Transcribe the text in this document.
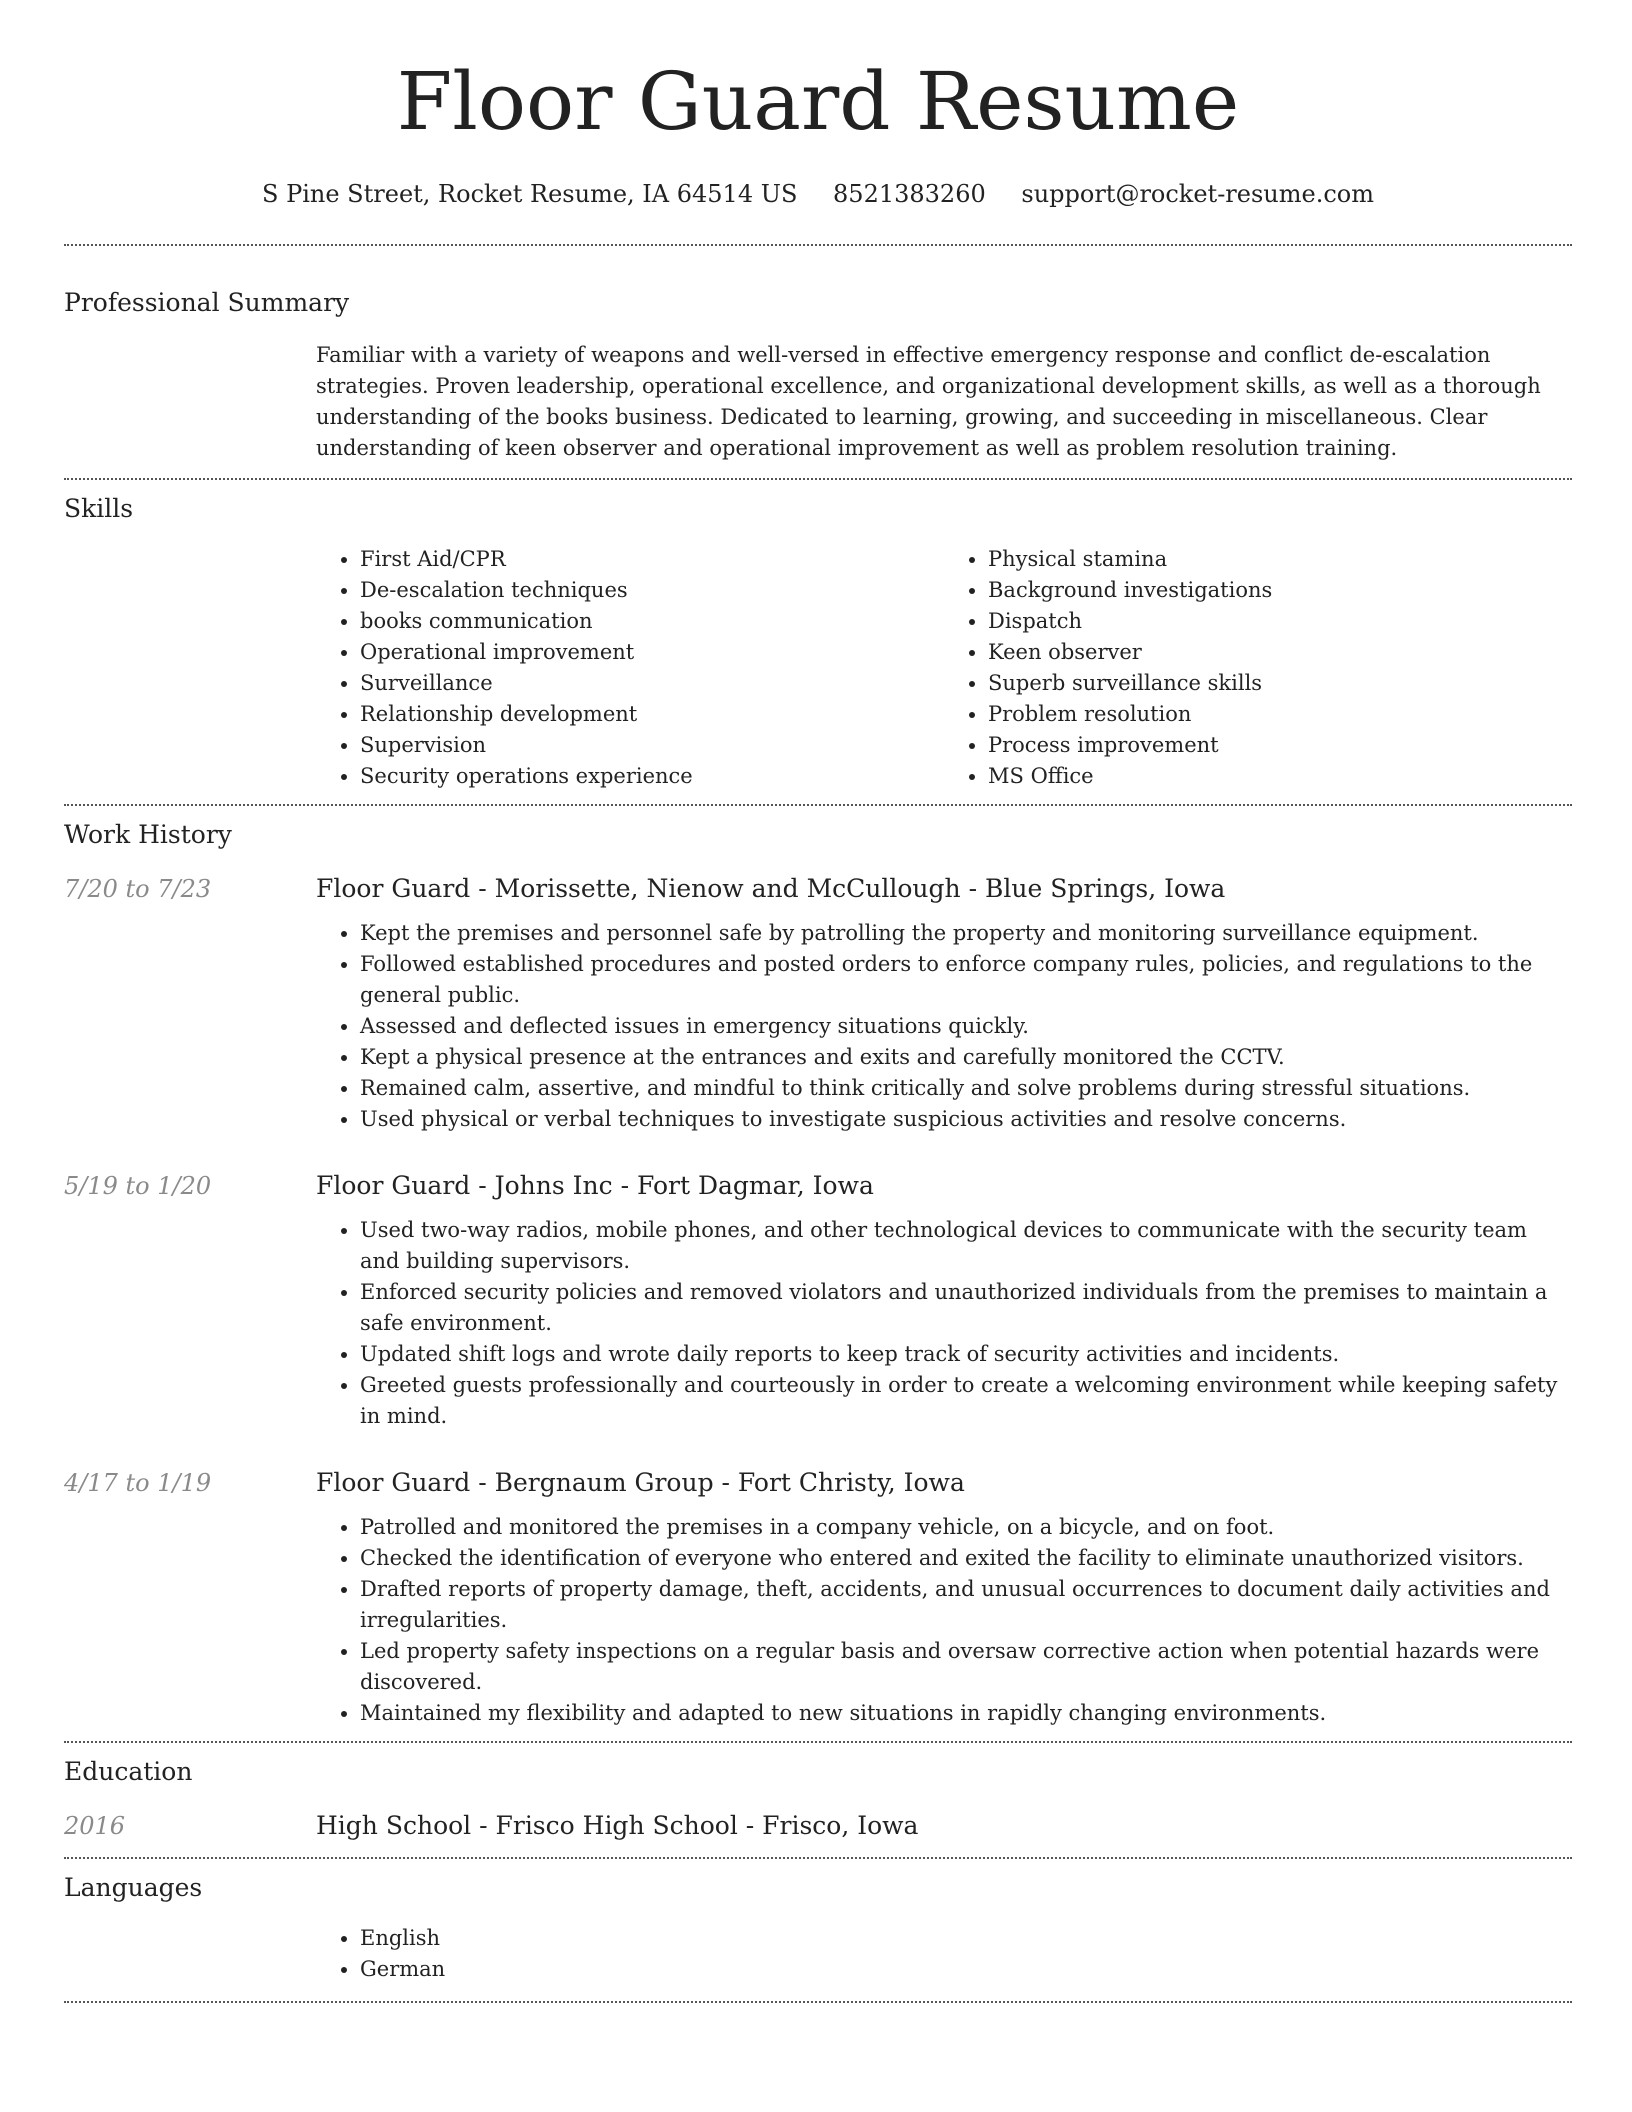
Floor Guard Resume
S Pine Street, Rocket Resume, IA 64514 US 8521383260 support@rocket-resume.com
Professional Summary
Familiar with a variety of weapons and well-versed in effective emergency response and conflict de-escalation strategies. Proven leadership, operational excellence, and organizational development skills, as well as a thorough understanding of the books business. Dedicated to learning, growing, and succeeding in miscellaneous. Clear understanding of keen observer and operational improvement as well as problem resolution training.
Skills
• First Aid/CPR
• De-escalation techniques
• books communication
• Operational improvement
• Surveillance
• Relationship development
• Supervision
• Security operations experience
• Physical stamina
• Background investigations
• Dispatch
• Keen observer
• Superb surveillance skills
• Problem resolution
• Process improvement
• MS Office
Work History
7/20 to 7/23	Floor Guard - Morissette, Nienow and McCullough - Blue Springs, Iowa
• Kept the premises and personnel safe by patrolling the property and monitoring surveillance equipment.
• Followed established procedures and posted orders to enforce company rules, policies, and regulations to the general public.
• Assessed and deflected issues in emergency situations quickly.
• Kept a physical presence at the entrances and exits and carefully monitored the CCTV.
• Remained calm, assertive, and mindful to think critically and solve problems during stressful situations.
• Used physical or verbal techniques to investigate suspicious activities and resolve concerns.
5/19 to 1/20	Floor Guard - Johns Inc - Fort Dagmar, Iowa
• Used two-way radios, mobile phones, and other technological devices to communicate with the security team and building supervisors.
• Enforced security policies and removed violators and unauthorized individuals from the premises to maintain a safe environment.
• Updated shift logs and wrote daily reports to keep track of security activities and incidents.
• Greeted guests professionally and courteously in order to create a welcoming environment while keeping safety in mind.
4/17 to 1/19	Floor Guard - Bergnaum Group - Fort Christy, Iowa
• Patrolled and monitored the premises in a company vehicle, on a bicycle, and on foot.
• Checked the identification of everyone who entered and exited the facility to eliminate unauthorized visitors.
• Drafted reports of property damage, theft, accidents, and unusual occurrences to document daily activities and irregularities.
• Led property safety inspections on a regular basis and oversaw corrective action when potential hazards were discovered.
• Maintained my flexibility and adapted to new situations in rapidly changing environments.
Education
2016	High School - Frisco High School - Frisco, Iowa
Languages
• English
• German
